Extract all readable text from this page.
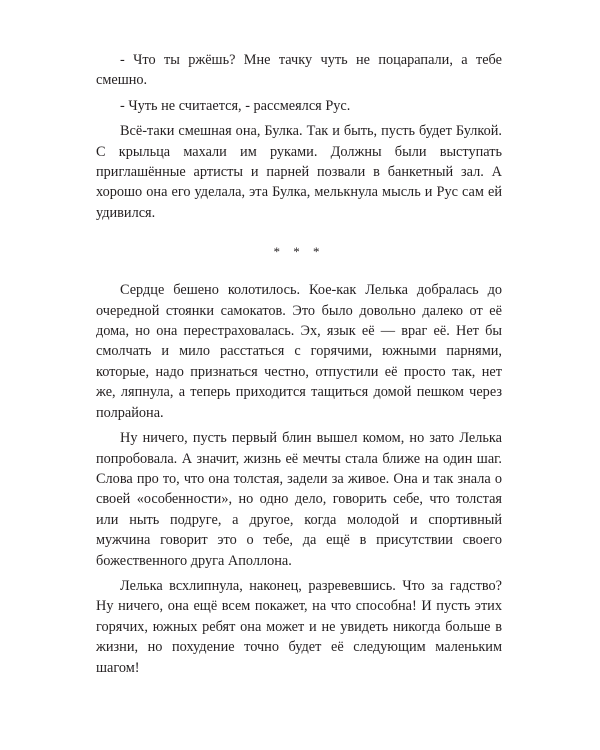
- Что ты ржёшь? Мне тачку чуть не поцарапали, а тебе смешно.

- Чуть не считается, - рассмеялся Рус.

Всё-таки смешная она, Булка. Так и быть, пусть будет Булкой. С крыльца махали им руками. Должны были выступать приглашённые артисты и парней позвали в банкетный зал. А хорошо она его уделала, эта Булка, мелькнула мысль и Рус сам ей удивился.

* * *

Сердце бешено колотилось. Кое-как Лелька добралась до очередной стоянки самокатов. Это было довольно далеко от её дома, но она перестраховалась. Эх, язык её — враг её. Нет бы смолчать и мило расстаться с горячими, южными парнями, которые, надо признаться честно, отпустили её просто так, нет же, ляпнула, а теперь приходится тащиться домой пешком через полрайона.

Ну ничего, пусть первый блин вышел комом, но зато Лелька попробовала. А значит, жизнь её мечты стала ближе на один шаг. Слова про то, что она толстая, задели за живое. Она и так знала о своей «особенности», но одно дело, говорить себе, что толстая или ныть подруге, а другое, когда молодой и спортивный мужчина говорит это о тебе, да ещё в присутствии своего божественного друга Аполлона.

Лелька всхлипнула, наконец, разревевшись. Что за гадство? Ну ничего, она ещё всем покажет, на что способна! И пусть этих горячих, южных ребят она может и не увидеть никогда больше в жизни, но похудение точно будет её следующим маленьким шагом!
